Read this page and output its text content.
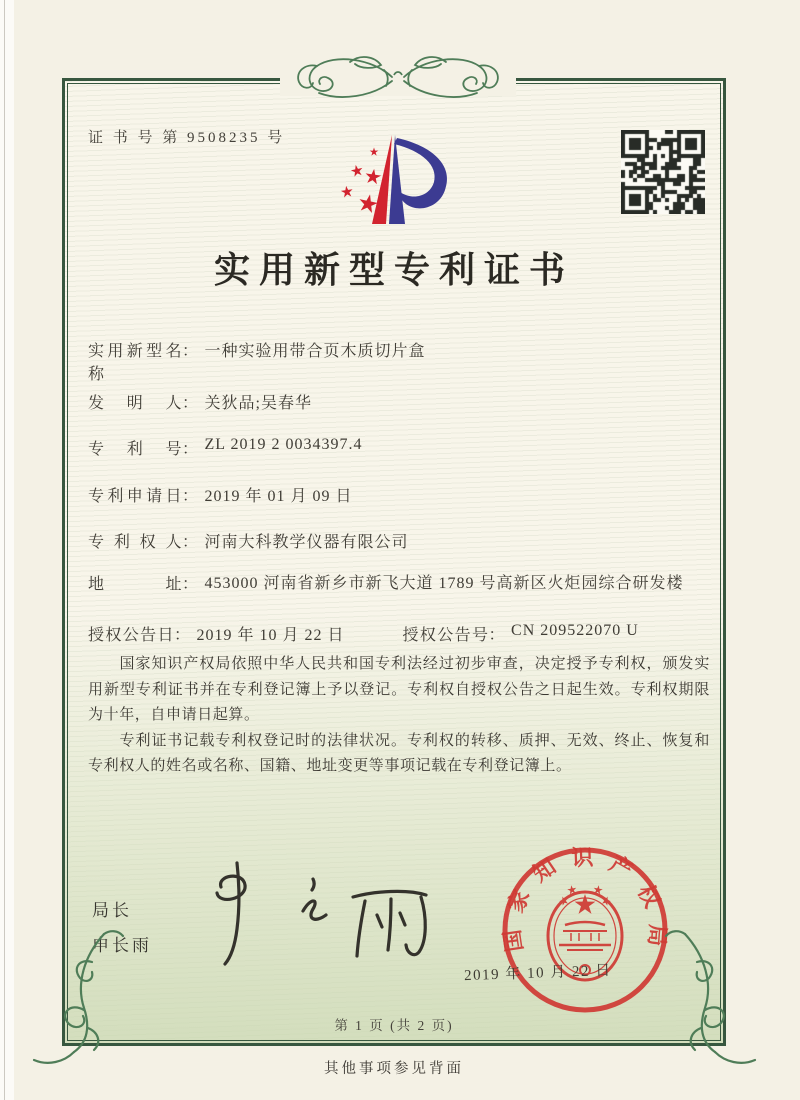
证 书 号 第 9508235 号
实用新型专利证书
实用新型名称
： 一种实验用带合页木质切片盒
发明人 ： 关狄品;吴春华
专利号 ： ZL 2019 2 0034397.4
专利申请日 ： 2019 年 01 月 09 日
专利权人 ： 河南大科教学仪器有限公司
地址 ： 453000 河南省新乡市新飞大道 1789 号高新区火炬园综合研发楼
授权公告日 ： 2019 年 10 月 22 日	授权公告号 ： CN 209522070 U

国家知识产权局依照中华人民共和国专利法经过初步审查，决定授予专利权，颁发实用新型专利证书并在专利登记簿上予以登记。专利权自授权公告之日起生效。专利权期限为十年，自申请日起算。

专利证书记载专利权登记时的法律状况。专利权的转移、质押、无效、终止、恢复和专利权人的姓名或名称、国籍、地址变更等事项记载在专利登记簿上。

局长
申长雨	国家知识产权局
2019 年 10 月 22 日
第 1 页 (共 2 页)
其他事项参见背面
